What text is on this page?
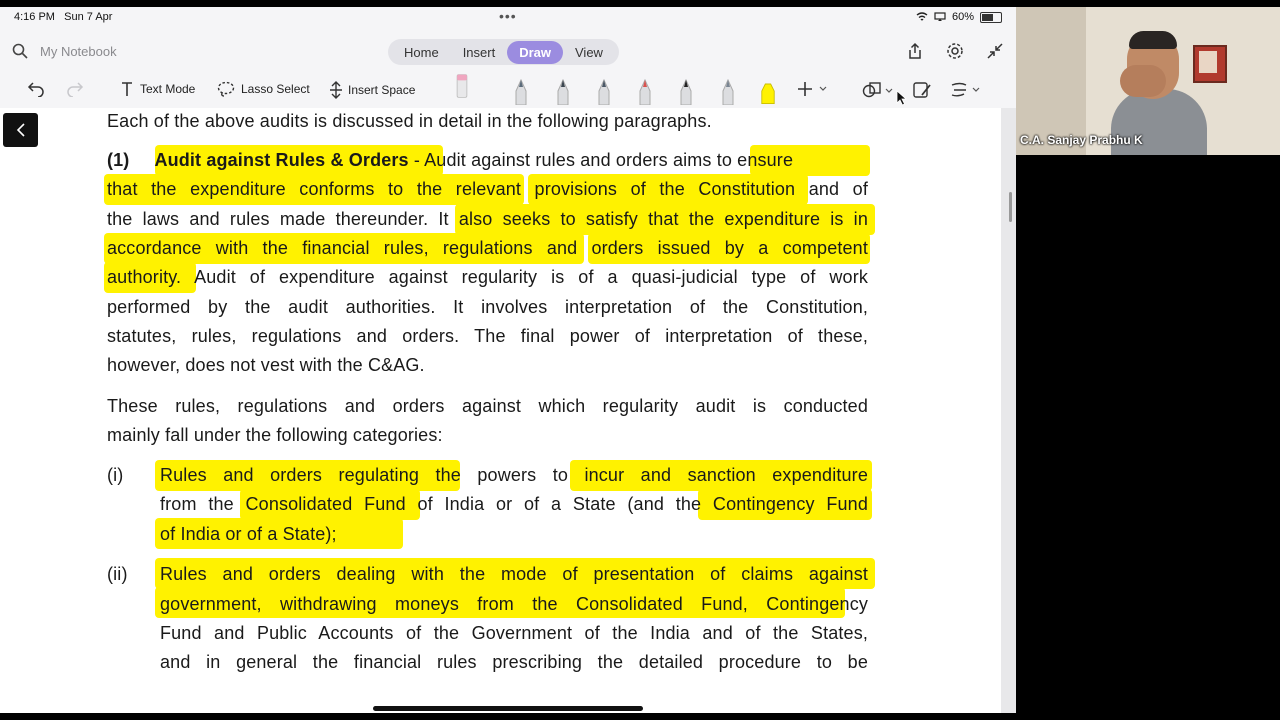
4:16 PM Sun 7 Apr	•••	60%
My Notebook	Home	Insert	Draw	View
Text Mode	Lasso Select	Insert Space
Each of the above audits is discussed in detail in the following paragraphs.
(1) Audit against Rules & Orders - Audit against rules and orders aims to ensure
that the expenditure conforms to the relevant provisions of the Constitution and of
the laws and rules made thereunder. It also seeks to satisfy that the expenditure is in
accordance with the financial rules, regulations and orders issued by a competent
authority. Audit of expenditure against regularity is of a quasi-judicial type of work
performed by the audit authorities. It involves interpretation of the Constitution,
statutes, rules, regulations and orders. The final power of interpretation of these,
however, does not vest with the C&AG.
These rules, regulations and orders against which regularity audit is conducted
mainly fall under the following categories:
(i) Rules and orders regulating the powers to incur and sanction expenditure
from the Consolidated Fund of India or of a State (and the Contingency Fund
of India or of a State);
(ii) Rules and orders dealing with the mode of presentation of claims against
government, withdrawing moneys from the Consolidated Fund, Contingency
Fund and Public Accounts of the Government of the India and of the States,
and in general the financial rules prescribing the detailed procedure to be
C.A. Sanjay Prabhu K
